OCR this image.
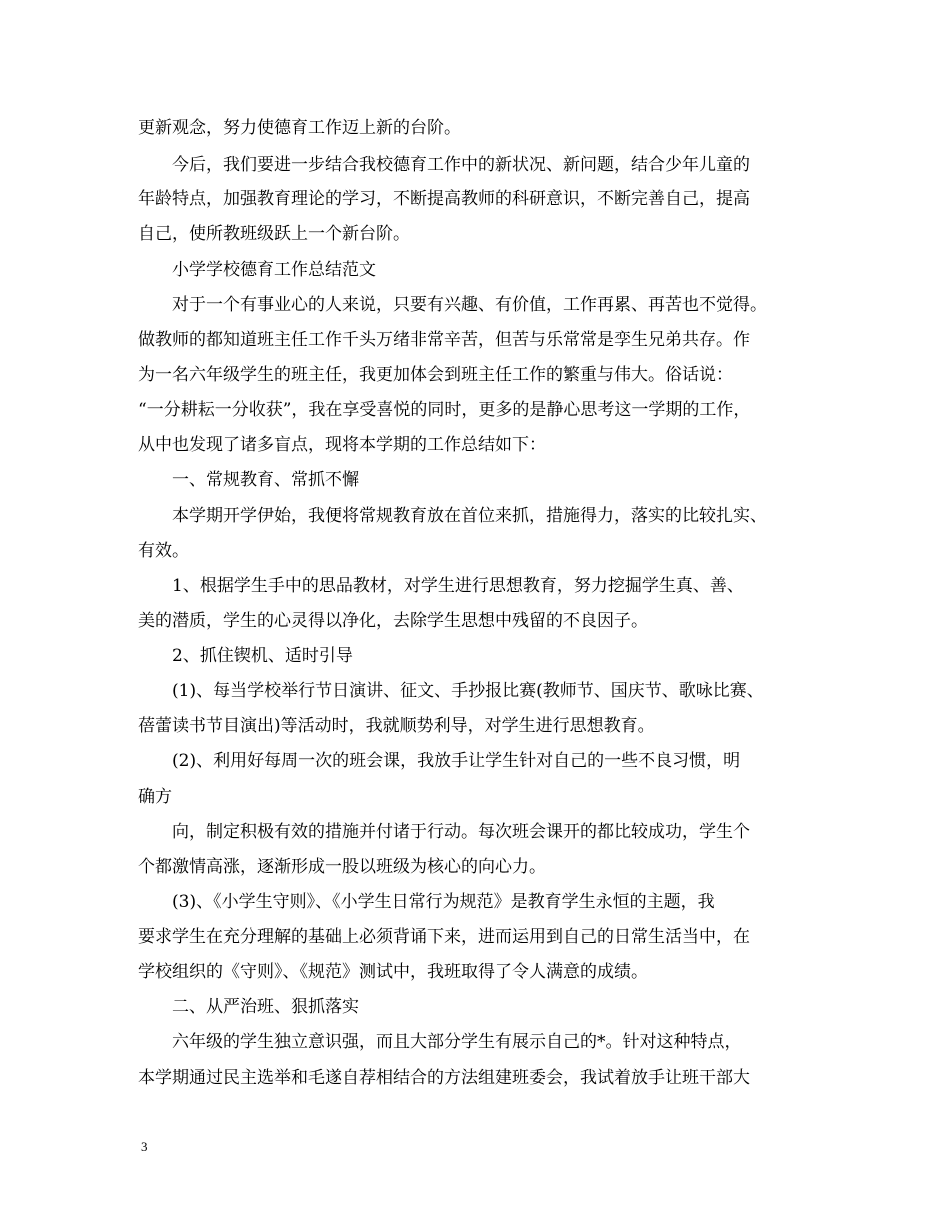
更新观念，努力使德育工作迈上新的台阶。
今后，我们要进一步结合我校德育工作中的新状况、新问题，结合少年儿童的
年龄特点，加强教育理论的学习，不断提高教师的科研意识，不断完善自己，提高
自己，使所教班级跃上一个新台阶。
小学学校德育工作总结范文
对于一个有事业心的人来说，只要有兴趣、有价值，工作再累、再苦也不觉得。
做教师的都知道班主任工作千头万绪非常辛苦，但苦与乐常常是孪生兄弟共存。作
为一名六年级学生的班主任，我更加体会到班主任工作的繁重与伟大。俗话说：
“一分耕耘一分收获”，我在享受喜悦的同时，更多的是静心思考这一学期的工作，
从中也发现了诸多盲点，现将本学期的工作总结如下：
一、常规教育、常抓不懈
本学期开学伊始，我便将常规教育放在首位来抓，措施得力，落实的比较扎实、
有效。
1、根据学生手中的思品教材，对学生进行思想教育，努力挖掘学生真、善、
美的潜质，学生的心灵得以净化，去除学生思想中残留的不良因子。
2、抓住锲机、适时引导
(1)、每当学校举行节日演讲、征文、手抄报比赛(教师节、国庆节、歌咏比赛、
蓓蕾读书节目演出)等活动时，我就顺势利导，对学生进行思想教育。
(2)、利用好每周一次的班会课，我放手让学生针对自己的一些不良习惯，明
确方
向，制定积极有效的措施并付诸于行动。每次班会课开的都比较成功，学生个
个都激情高涨，逐渐形成一股以班级为核心的向心力。
(3)、《小学生守则》、《小学生日常行为规范》是教育学生永恒的主题，我
要求学生在充分理解的基础上必须背诵下来，进而运用到自己的日常生活当中，在
学校组织的《守则》、《规范》测试中，我班取得了令人满意的成绩。
二、从严治班、狠抓落实
六年级的学生独立意识强，而且大部分学生有展示自己的*。针对这种特点，
本学期通过民主选举和毛遂自荐相结合的方法组建班委会，我试着放手让班干部大
3
